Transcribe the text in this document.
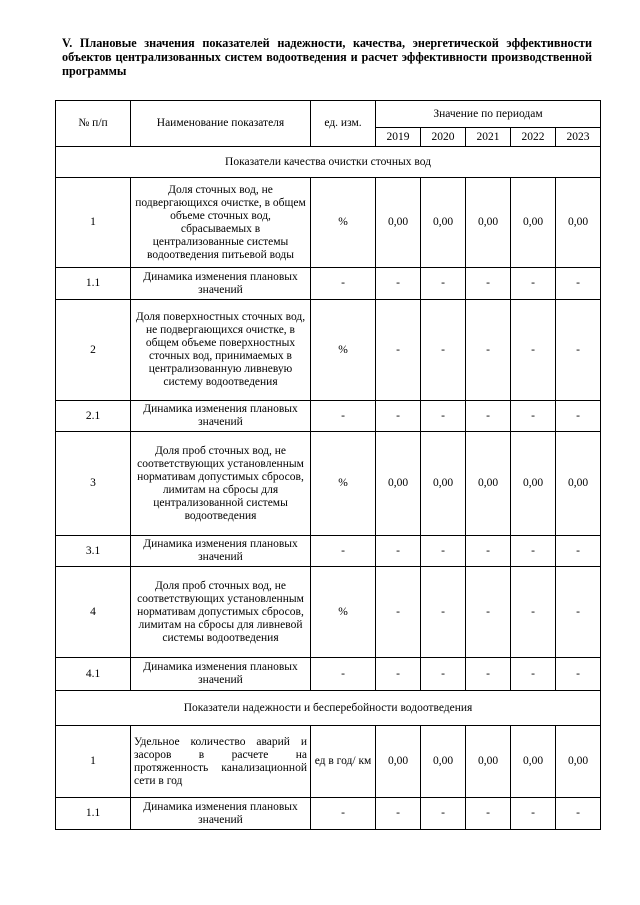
V. Плановые значения показателей надежности, качества, энергетической эффективности объектов централизованных систем водоотведения и расчет эффективности производственной программы
№ п/п	Наименование показателя	ед. изм.	Значение по периодам				
			2019	2020	2021	2022	2023
Показатели качества очистки сточных вод							
1	Доля сточных вод, не подвергающихся очистке, в общем объеме сточных вод, сбрасываемых в централизованные системы водоотведения питьевой воды	%	0,00	0,00	0,00	0,00	0,00
1.1	Динамика изменения плановых значений	-	-	-	-	-	-
2	Доля поверхностных сточных вод, не подвергающихся очистке, в общем объеме поверхностных сточных вод, принимаемых в централизованную ливневую систему водоотведения	%	-	-	-	-	-
2.1	Динамика изменения плановых значений	-	-	-	-	-	-
3	Доля проб сточных вод, не соответствующих установленным нормативам допустимых сбросов, лимитам на сбросы для централизованной системы водоотведения	%	0,00	0,00	0,00	0,00	0,00
3.1	Динамика изменения плановых значений	-	-	-	-	-	-
4	Доля проб сточных вод, не соответствующих установленным нормативам допустимых сбросов, лимитам на сбросы для ливневой системы водоотведения	%	-	-	-	-	-
4.1	Динамика изменения плановых значений	-	-	-	-	-	-
Показатели надежности и бесперебойности водоотведения							
1	Удельное количество аварий и засоров в расчете на протяженность канализационной сети в год	ед в год/ км	0,00	0,00	0,00	0,00	0,00
1.1	Динамика изменения плановых значений	-	-	-	-	-	-
